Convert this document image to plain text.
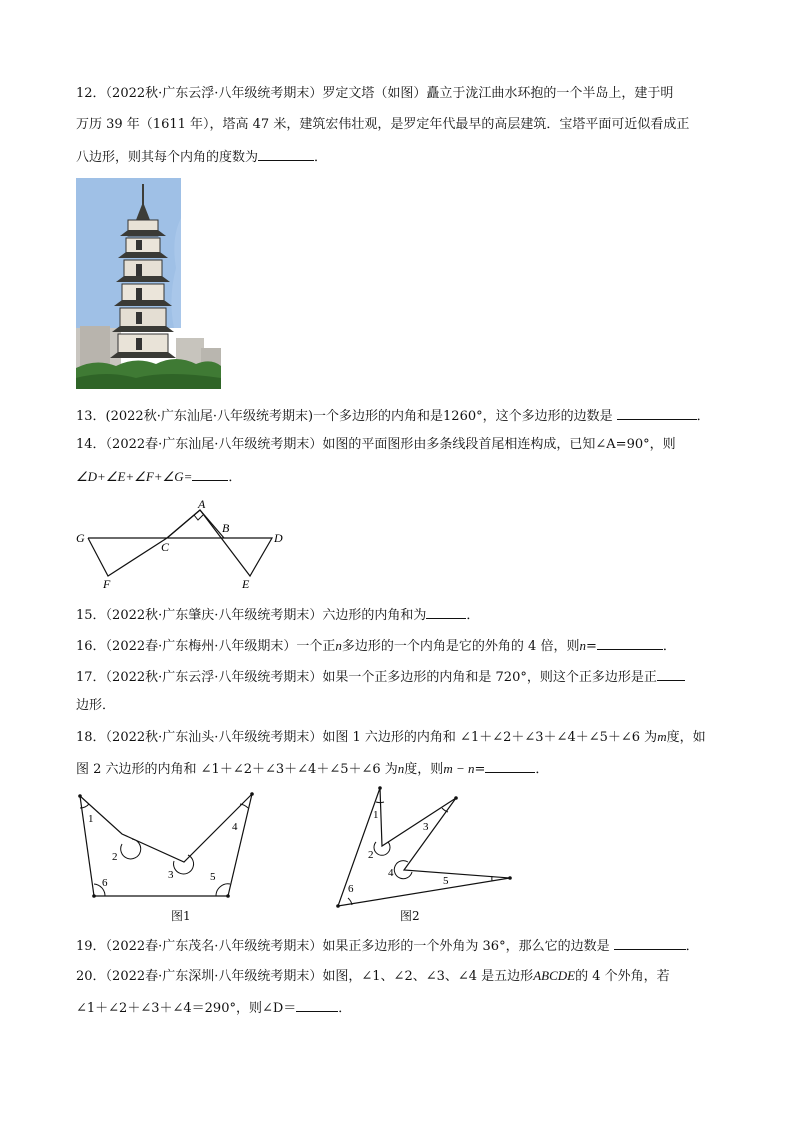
12．（2022秋·广东云浮·八年级统考期末）罗定文塔（如图）矗立于泷江曲水环抱的一个半岛上，建于明
万历 39 年（1611 年），塔高 47 米，建筑宏伟壮观，是罗定年代最早的高层建筑．宝塔平面可近似看成正
八边形，则其每个内角的度数为	．
13．(2022秋·广东汕尾·八年级统考期末)一个多边形的内角和是1260°，这个多边形的边数是	．
14．（2022春·广东汕尾·八年级统考期末）如图的平面图形由多条线段首尾相连构成，已知∠A=90°，则
∠D+∠E+∠F+∠G=	．
A
B
C
D
E
F
G
15．（2022秋·广东肇庆·八年级统考期末）六边形的内角和为	．
16．（2022春·广东梅州·八年级期末）一个正n多边形的一个内角是它的外角的 4 倍，则n=	．
17．（2022秋·广东云浮·八年级统考期末）如果一个正多边形的内角和是 720°，则这个正多边形是正
边形．
18．（2022秋·广东汕头·八年级统考期末）如图 1 六边形的内角和 ∠1＋∠2＋∠3＋∠4＋∠5＋∠6 为m度，如
图 2 六边形的内角和 ∠1＋∠2＋∠3＋∠4＋∠5＋∠6 为n度，则m − n=	．
1
2
3
4
5
6
图1
1
2
3
4
5
6
图2
19．（2022春·广东茂名·八年级统考期末）如果正多边形的一个外角为 36°，那么它的边数是	．
20．（2022春·广东深圳·八年级统考期末）如图，∠1、∠2、∠3、∠4 是五边形ABCDE的 4 个外角，若
∠1＋∠2＋∠3＋∠4＝290°，则∠D＝	．
